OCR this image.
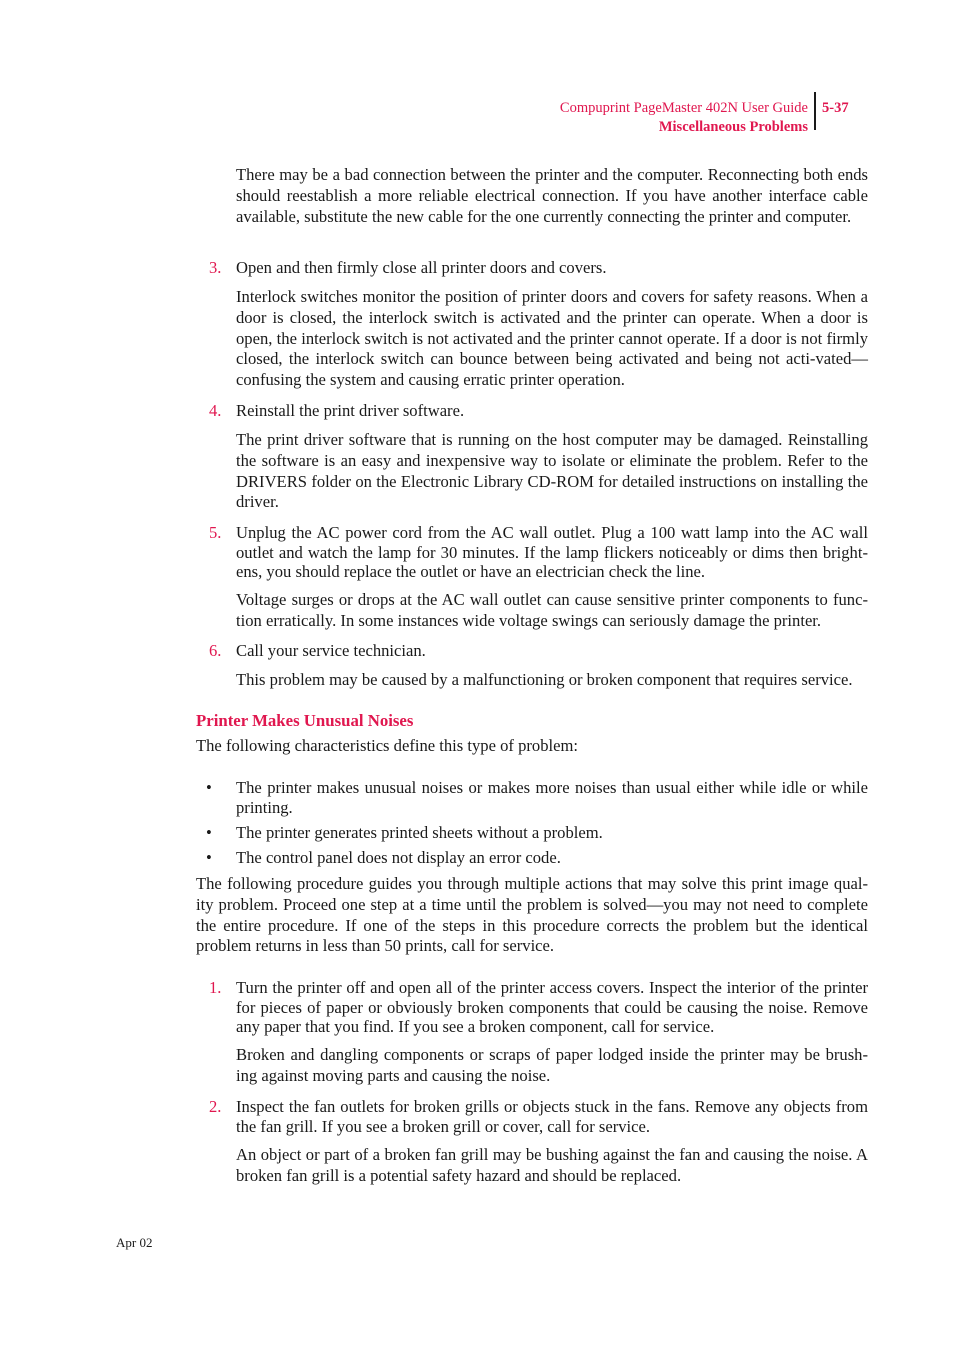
Compuprint PageMaster 402N User Guide
Miscellaneous Problems
5-37

There may be a bad connection between the printer and the computer. Reconnecting both ends should reestablish a more reliable electrical connection. If you have another interface cable available, substitute the new cable for the one currently connecting the printer and computer.

3. Open and then firmly close all printer doors and covers.

Interlock switches monitor the position of printer doors and covers for safety reasons. When a door is closed, the interlock switch is activated and the printer can operate. When a door is open, the interlock switch is not activated and the printer cannot operate. If a door is not firmly closed, the interlock switch can bounce between being activated and being not acti-vated—confusing the system and causing erratic printer operation.

4. Reinstall the print driver software.

The print driver software that is running on the host computer may be damaged. Reinstalling the software is an easy and inexpensive way to isolate or eliminate the problem. Refer to the DRIVERS folder on the Electronic Library CD-ROM for detailed instructions on installing the driver.

5. Unplug the AC power cord from the AC wall outlet. Plug a 100 watt lamp into the AC wall outlet and watch the lamp for 30 minutes. If the lamp flickers noticeably or dims then bright-ens, you should replace the outlet or have an electrician check the line.

Voltage surges or drops at the AC wall outlet can cause sensitive printer components to func-tion erratically. In some instances wide voltage swings can seriously damage the printer.

6. Call your service technician.

This problem may be caused by a malfunctioning or broken component that requires service.

Printer Makes Unusual Noises

The following characteristics define this type of problem:

• The printer makes unusual noises or makes more noises than usual either while idle or while printing.

• The printer generates printed sheets without a problem.

• The control panel does not display an error code.

The following procedure guides you through multiple actions that may solve this print image qual-ity problem. Proceed one step at a time until the problem is solved—you may not need to complete the entire procedure. If one of the steps in this procedure corrects the problem but the identical problem returns in less than 50 prints, call for service.

1. Turn the printer off and open all of the printer access covers. Inspect the interior of the printer for pieces of paper or obviously broken components that could be causing the noise. Remove any paper that you find. If you see a broken component, call for service.

Broken and dangling components or scraps of paper lodged inside the printer may be brush-ing against moving parts and causing the noise.

2. Inspect the fan outlets for broken grills or objects stuck in the fans. Remove any objects from the fan grill. If you see a broken grill or cover, call for service.

An object or part of a broken fan grill may be bushing against the fan and causing the noise. A broken fan grill is a potential safety hazard and should be replaced.

Apr 02
